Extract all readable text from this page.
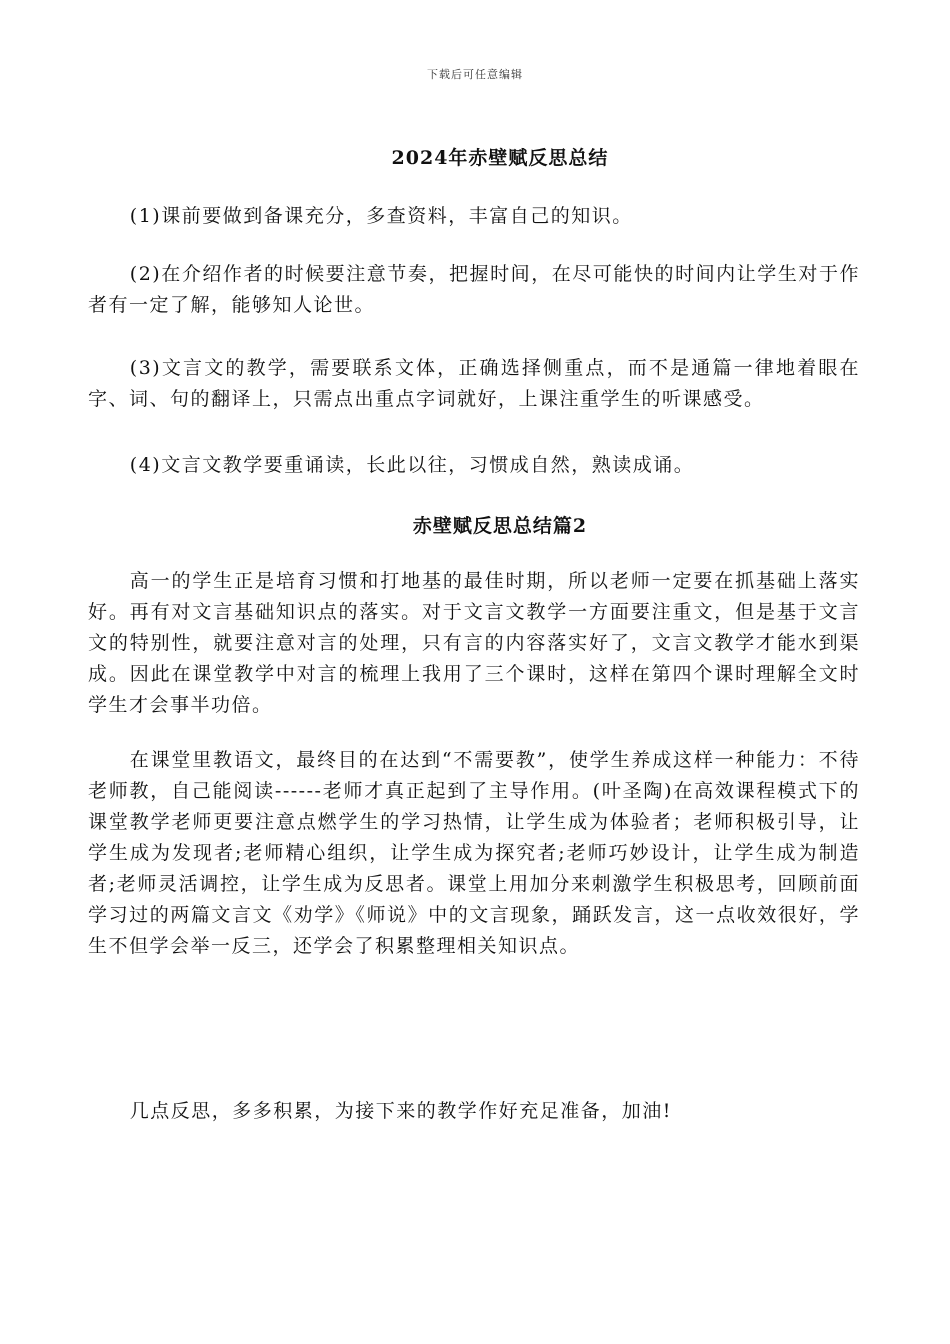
下载后可任意编辑
2024年赤壁赋反思总结

(1)课前要做到备课充分，多查资料，丰富自己的知识。

(2)在介绍作者的时候要注意节奏，把握时间，在尽可能快的时间内让学生对于作者有一定了解，能够知人论世。

(3)文言文的教学，需要联系文体，正确选择侧重点，而不是通篇一律地着眼在字、词、句的翻译上，只需点出重点字词就好，上课注重学生的听课感受。

(4)文言文教学要重诵读，长此以往，习惯成自然，熟读成诵。

赤壁赋反思总结篇2

高一的学生正是培育习惯和打地基的最佳时期，所以老师一定要在抓基础上落实好。再有对文言基础知识点的落实。对于文言文教学一方面要注重文，但是基于文言文的特别性，就要注意对言的处理，只有言的内容落实好了，文言文教学才能水到渠成。因此在课堂教学中对言的梳理上我用了三个课时，这样在第四个课时理解全文时学生才会事半功倍。

在课堂里教语文，最终目的在达到“不需要教”，使学生养成这样一种能力：不待老师教，自己能阅读------老师才真正起到了主导作用。(叶圣陶)在高效课程模式下的课堂教学老师更要注意点燃学生的学习热情，让学生成为体验者；老师积极引导，让学生成为发现者;老师精心组织，让学生成为探究者;老师巧妙设计，让学生成为制造者;老师灵活调控，让学生成为反思者。课堂上用加分来刺激学生积极思考，回顾前面学习过的两篇文言文《劝学》《师说》中的文言现象，踊跃发言，这一点收效很好，学生不但学会举一反三，还学会了积累整理相关知识点。

几点反思，多多积累，为接下来的教学作好充足准备，加油!
